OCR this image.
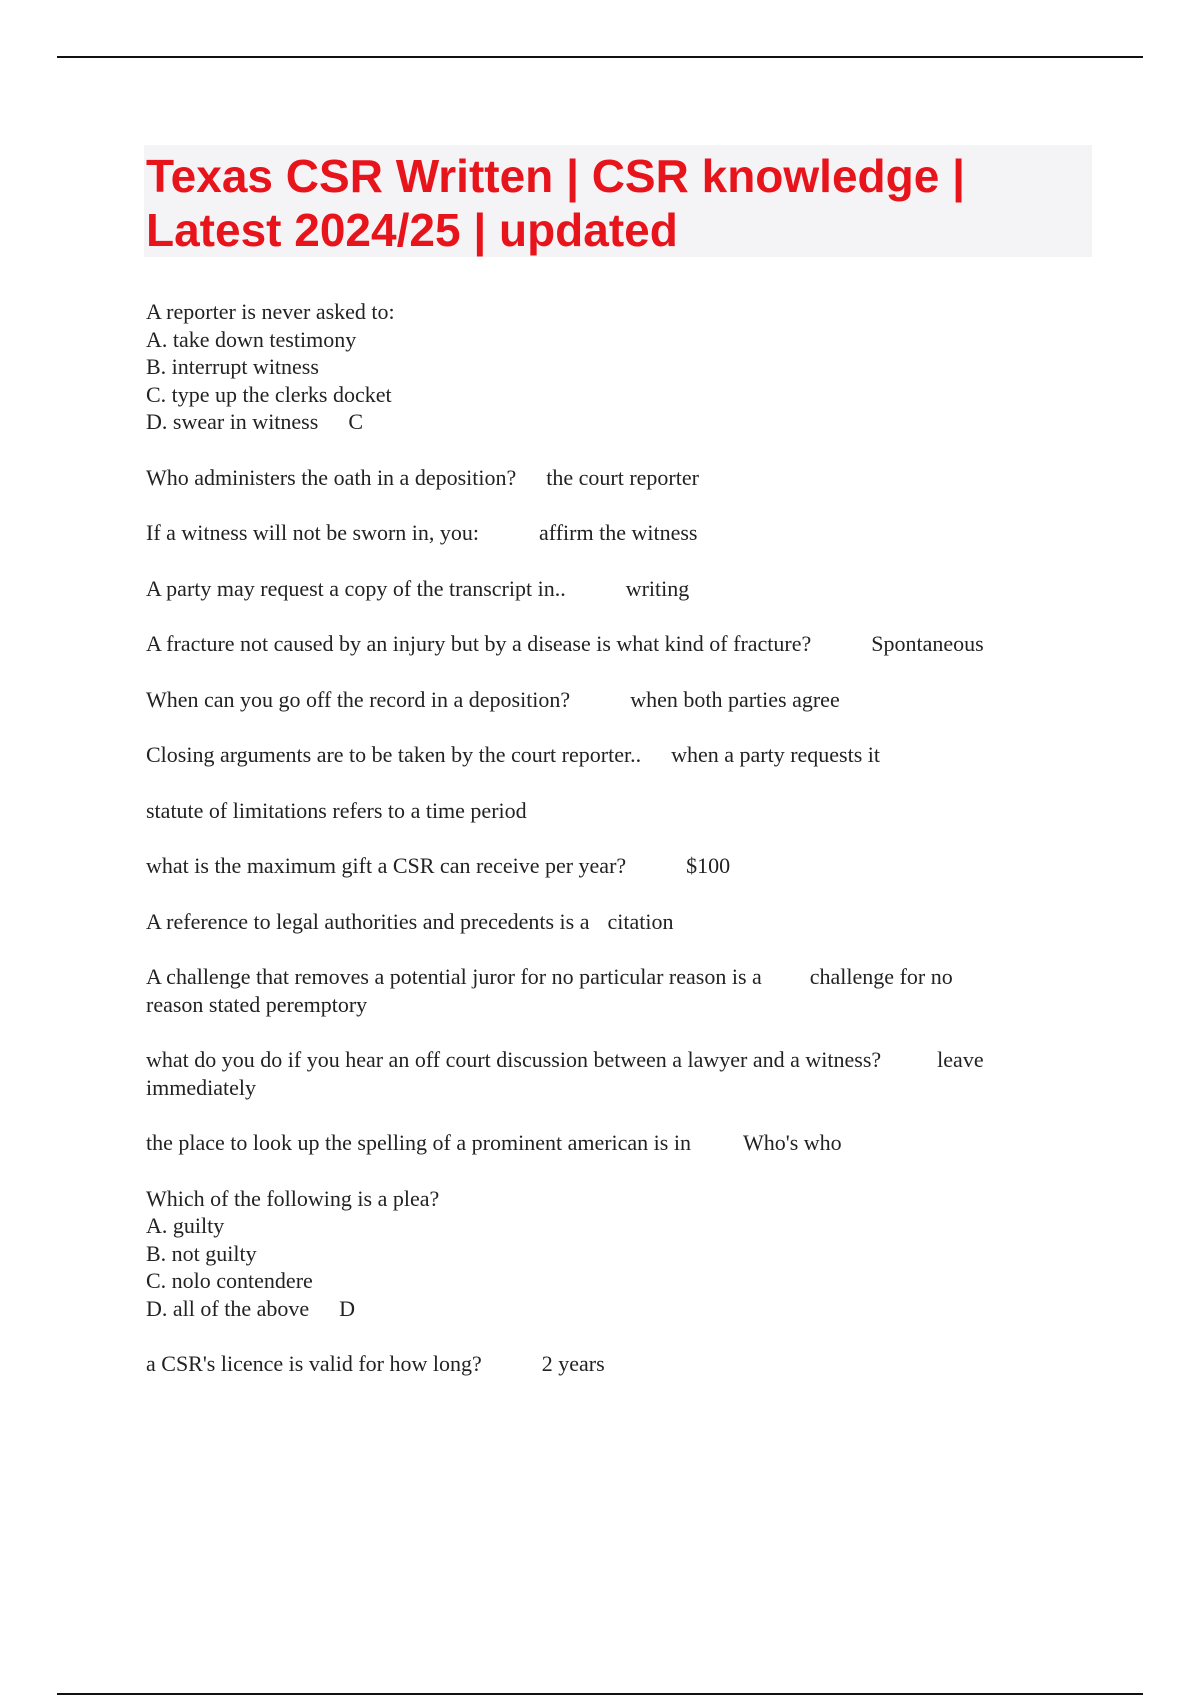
Texas CSR Written | CSR knowledge |
Latest 2024/25 | updated
A reporter is never asked to:
A. take down testimony
B. interrupt witness
C. type up the clerks docket
D. swear in witness C
Who administers the oath in a deposition? the court reporter
If a witness will not be sworn in, you:	affirm the witness
A party may request a copy of the transcript in..	writing
A fracture not caused by an injury but by a disease is what kind of fracture?	Spontaneous
When can you go off the record in a deposition?	when both parties agree
Closing arguments are to be taken by the court reporter.. when a party requests it
statute of limitations refers to a time period
what is the maximum gift a CSR can receive per year?	$100
A reference to legal authorities and precedents is a citation
A challenge that removes a potential juror for no particular reason is a challenge for no
reason stated peremptory
what do you do if you hear an off court discussion between a lawyer and a witness?	leave
immediately
the place to look up the spelling of a prominent american is in Who's who
Which of the following is a plea?
A. guilty
B. not guilty
C. nolo contendere
D. all of the above D
a CSR's licence is valid for how long?	2 years
